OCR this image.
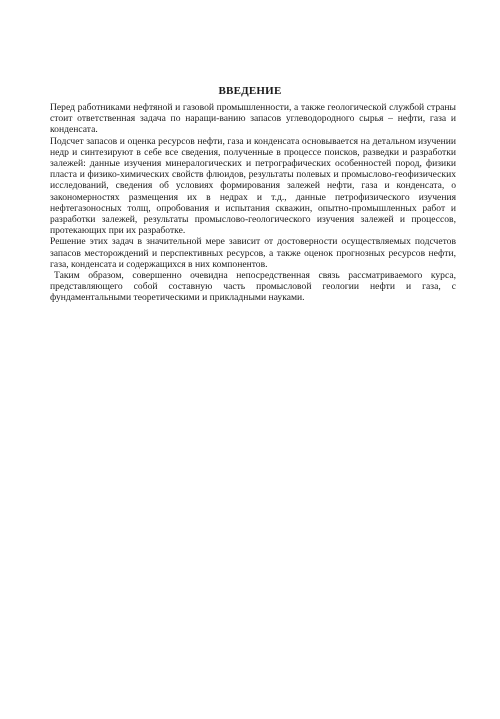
ВВЕДЕНИЕ

Перед работниками нефтяной и газовой промышленности, а также геологической службой страны стоит ответственная задача по наращи-ванию запасов углеводородного сырья – нефти, газа и конденсата.

Подсчет запасов и оценка ресурсов нефти, газа и конденсата основывается на детальном изучении недр и синтезируют в себе все сведения, полученные в процессе поисков, разведки и разработки залежей: данные изучения минералогических и петрографических особенностей пород, физики пласта и физико-химических свойств флюидов, результаты полевых и промыслово-геофизических исследований, сведения об условиях формирования залежей нефти, газа и конденсата, о закономерностях размещения их в недрах и т.д., данные петрофизического изучения нефтегазоносных толщ, опробования и испытания скважин, опытно-промышленных работ и разработки залежей, результаты промыслово-геологического изучения залежей и процессов, протекающих при их разработке.

Решение этих задач в значительной мере зависит от достоверности осуществляемых подсчетов запасов месторождений и перспективных ресурсов, а также оценок прогнозных ресурсов нефти, газа, конденсата и содержащихся в них компонентов.

Таким образом, совершенно очевидна непосредственная связь рассматриваемого курса, представляющего собой составную часть промысловой геологии нефти и газа, с фундаментальными теоретическими и прикладными науками.
